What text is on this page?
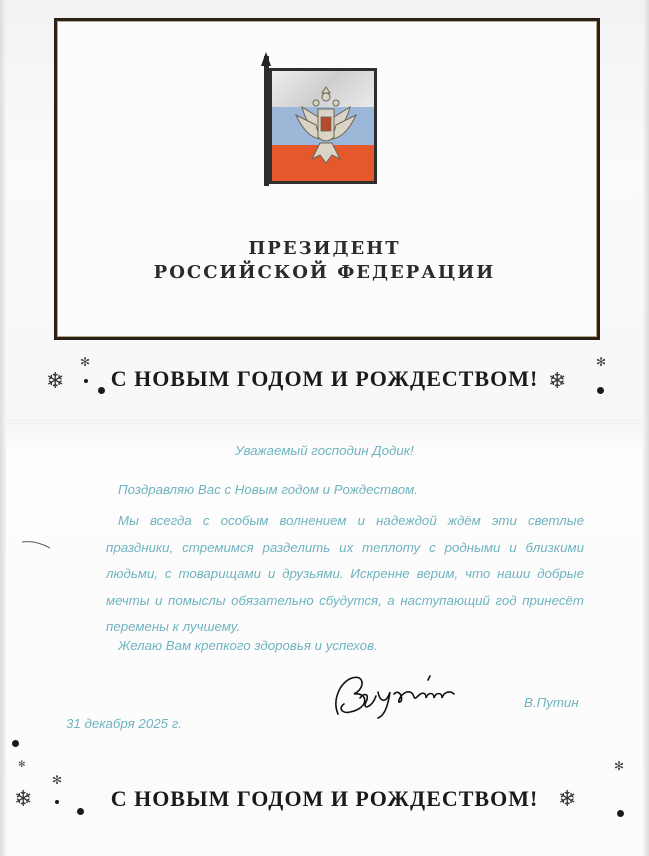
ПРЕЗИДЕНТ
РОССИЙСКОЙ ФЕДЕРАЦИИ
❄
✻
С НОВЫМ ГОДОМ И РОЖДЕСТВОМ! ❄
✻
Уважаемый господин Додик!
Поздравляю Вас с Новым годом и Рождеством.
Мы всегда с особым волнением и надеждой ждём эти светлые праздники, стремимся разделить их теплоту с родными и близкими людьми, с товарищами и друзьями. Искренне верим, что наши добрые мечты и помыслы обязательно сбудутся, а наступающий год принесёт перемены к лучшему.
Желаю Вам крепкого здоровья и успехов.
В.Путин
31 декабря 2025 г.
✻
✻
❄	С НОВЫМ ГОДОМ И РОЖДЕСТВОМ!
✻
❄
